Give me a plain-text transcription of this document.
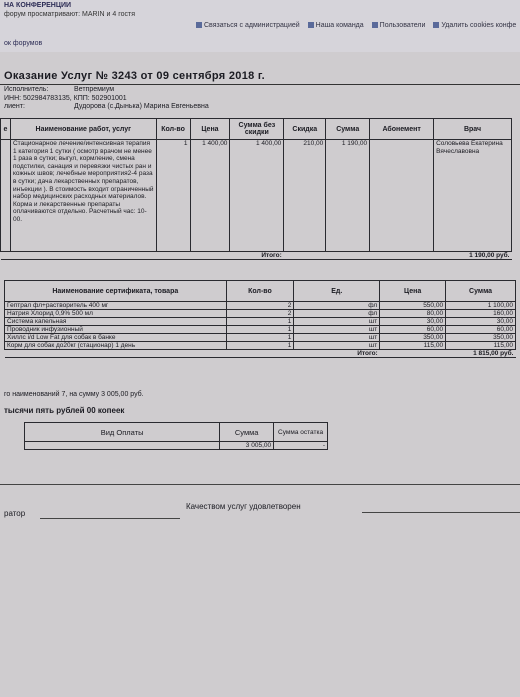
НА КОНФЕРЕНЦИИ
форум просматривают: MARIN и 4 гостя
Связаться с администрацией	Наша команда	Пользователи	Удалить cookies конфе
ок форумов
Оказание Услуг № 3243 от 09 сентября 2018 г.
Исполнитель:	Ветпремиум
ИНН: 502984783135, КПП: 502901001
лиент:	Дудорова (с.Дынька) Марина Евгеньевна
е	Наименование работ, услуг	Кол-во	Цена	Сумма без скидки	Скидка	Сумма	Абонемент	Врач
	Стационарное лечение/интенсивная терапия 1 категория 1 сутки ( осмотр врачом не менее 1 раза в сутки; выгул, кормление, смена подстилки, санация и перевязки чистых ран и кожных швов; лечебные мероприятия2-4 раза в сутки; дача лекарственных препаратов, инъекции ). В стоимость входит ограниченный набор медицинских расходных материалов. Корма и лекарственные препараты оплачиваются отдельно. Расчетный час: 10-00.	1	1 400,00	1 400,00	210,00	1 190,00		Соловьева Екатерина Вячеславовна
Итого:					1 190,00 руб.			
Наименование сертификата, товара	Кол-во	Ед.	Цена	Сумма
Гептрал фл+растворитель 400 мг	2	фл	550,00	1 100,00
Натрия Хлорид 0,9% 500 мл	2	фл	80,00	160,00
Система капельная	1	шт	30,00	30,00
Проводник инфузионный	1	шт	60,00	60,00
Хиллс i/d Low Fat для собак в банке	1	шт	350,00	350,00
Корм для собак до20кг (стационар) 1 день	1	шт	115,00	115,00
Итого:			1 815,00 руб.	
го наименований 7, на сумму 3 005,00 руб.
тысячи пять рублей 00 копеек
Вид Оплаты	Сумма	Сумма остатка
	3 005,00	-
ратор
Качеством услуг удовлетворен
